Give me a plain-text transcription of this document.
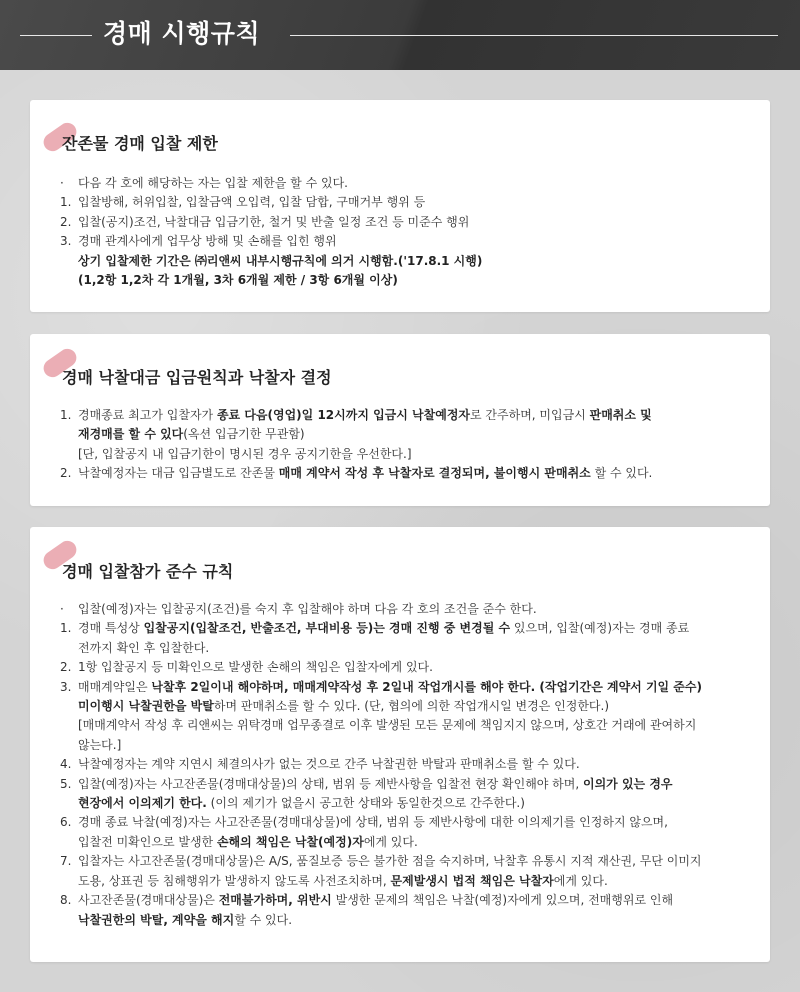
경매 시행규칙
잔존물 경매 입찰 제한
·	다음 각 호에 해당하는 자는 입찰 제한을 할 수 있다.
1. 입찰방해, 허위입찰, 입찰금액 오입력, 입찰 담합, 구매거부 행위 등
2. 입찰(공지)조건, 낙찰대금 입금기한, 철거 및 반출 일정 조건 등 미준수 행위
3. 경매 관계사에게 업무상 방해 및 손해를 입힌 행위
상기 입찰제한 기간은 ㈜리앤씨 내부시행규칙에 의거 시행함.('17.8.1 시행)
(1,2항 1,2차 각 1개월, 3차 6개월 제한 / 3항 6개월 이상)
경매 낙찰대금 입금원칙과 낙찰자 결정
1. 경매종료 최고가 입찰자가 종료 다음(영업)일 12시까지 입금시 낙찰예정자로 간주하며, 미입금시 판매취소 및
재경매를 할 수 있다(옥션 입금기한 무관함)
[단, 입찰공지 내 입금기한이 명시된 경우 공지기한을 우선한다.]
2. 낙찰예정자는 대금 입금별도로 잔존물 매매 계약서 작성 후 낙찰자로 결정되며, 불이행시 판매취소 할 수 있다.
경매 입찰참가 준수 규칙
·	입찰(예정)자는 입찰공지(조건)를 숙지 후 입찰해야 하며 다음 각 호의 조건을 준수 한다.
1. 경매 특성상 입찰공지(입찰조건, 반출조건, 부대비용 등)는 경매 진행 중 변경될 수 있으며, 입찰(예정)자는 경매 종료
전까지 확인 후 입찰한다.
2. 1항 입찰공지 등 미확인으로 발생한 손해의 책임은 입찰자에게 있다.
3. 매매계약일은 낙찰후 2일이내 해야하며, 매매계약작성 후 2일내 작업개시를 해야 한다. (작업기간은 계약서 기일 준수)
미이행시 낙찰권한을 박탈하며 판매취소를 할 수 있다. (단, 협의에 의한 작업개시일 변경은 인정한다.)
[매매계약서 작성 후 리앤씨는 위탁경매 업무종결로 이후 발생된 모든 문제에 책임지지 않으며, 상호간 거래에 관여하지
않는다.]
4. 낙찰예정자는 계약 지연시 체결의사가 없는 것으로 간주 낙찰권한 박탈과 판매취소를 할 수 있다.
5. 입찰(예정)자는 사고잔존물(경매대상물)의 상태, 범위 등 제반사항을 입찰전 현장 확인해야 하며, 이의가 있는 경우
현장에서 이의제기 한다. (이의 제기가 없을시 공고한 상태와 동일한것으로 간주한다.)
6. 경매 종료 낙찰(예정)자는 사고잔존물(경매대상물)에 상태, 범위 등 제반사항에 대한 이의제기를 인정하지 않으며,
입찰전 미확인으로 발생한 손해의 책임은 낙찰(예정)자에게 있다.
7. 입찰자는 사고잔존물(경매대상물)은 A/S, 품질보증 등은 불가한 점을 숙지하며, 낙찰후 유통시 지적 재산권, 무단 이미지
도용, 상표권 등 침해행위가 발생하지 않도록 사전조치하며, 문제발생시 법적 책임은 낙찰자에게 있다.
8. 사고잔존물(경매대상물)은 전매불가하며, 위반시 발생한 문제의 책임은 낙찰(예정)자에게 있으며, 전매행위로 인해
낙찰권한의 박탈, 계약을 해지할 수 있다.
